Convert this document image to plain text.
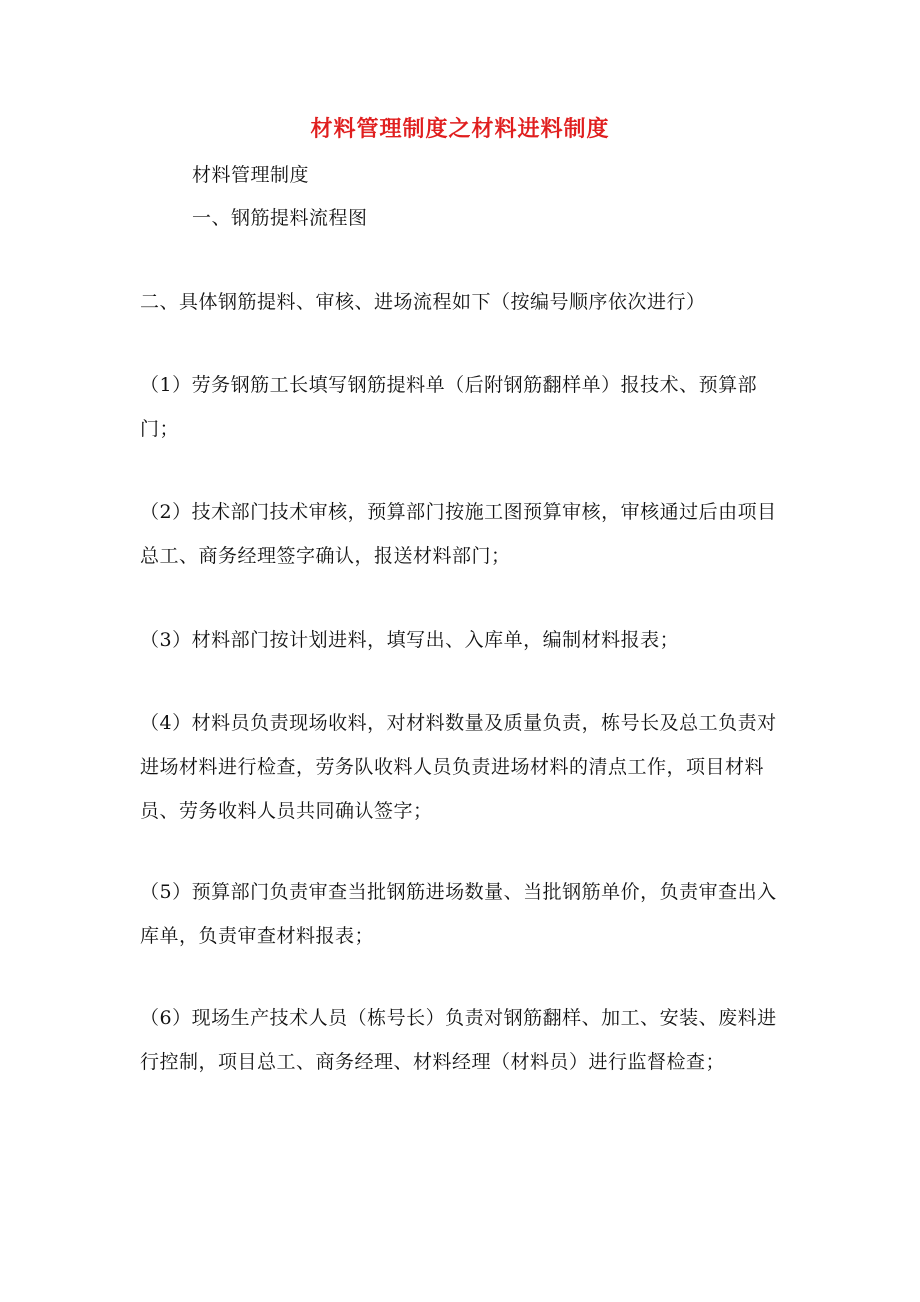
材料管理制度之材料进料制度
材料管理制度
一、钢筋提料流程图
二、具体钢筋提料、审核、进场流程如下（按编号顺序依次进行）
（1）劳务钢筋工长填写钢筋提料单（后附钢筋翻样单）报技术、预算部门；
（2）技术部门技术审核，预算部门按施工图预算审核，审核通过后由项目总工、商务经理签字确认，报送材料部门；
（3）材料部门按计划进料，填写出、入库单，编制材料报表；
（4）材料员负责现场收料，对材料数量及质量负责，栋号长及总工负责对进场材料进行检查，劳务队收料人员负责进场材料的清点工作，项目材料员、劳务收料人员共同确认签字；
（5）预算部门负责审查当批钢筋进场数量、当批钢筋单价，负责审查出入库单，负责审查材料报表；
（6）现场生产技术人员（栋号长）负责对钢筋翻样、加工、安装、废料进行控制，项目总工、商务经理、材料经理（材料员）进行监督检查；
